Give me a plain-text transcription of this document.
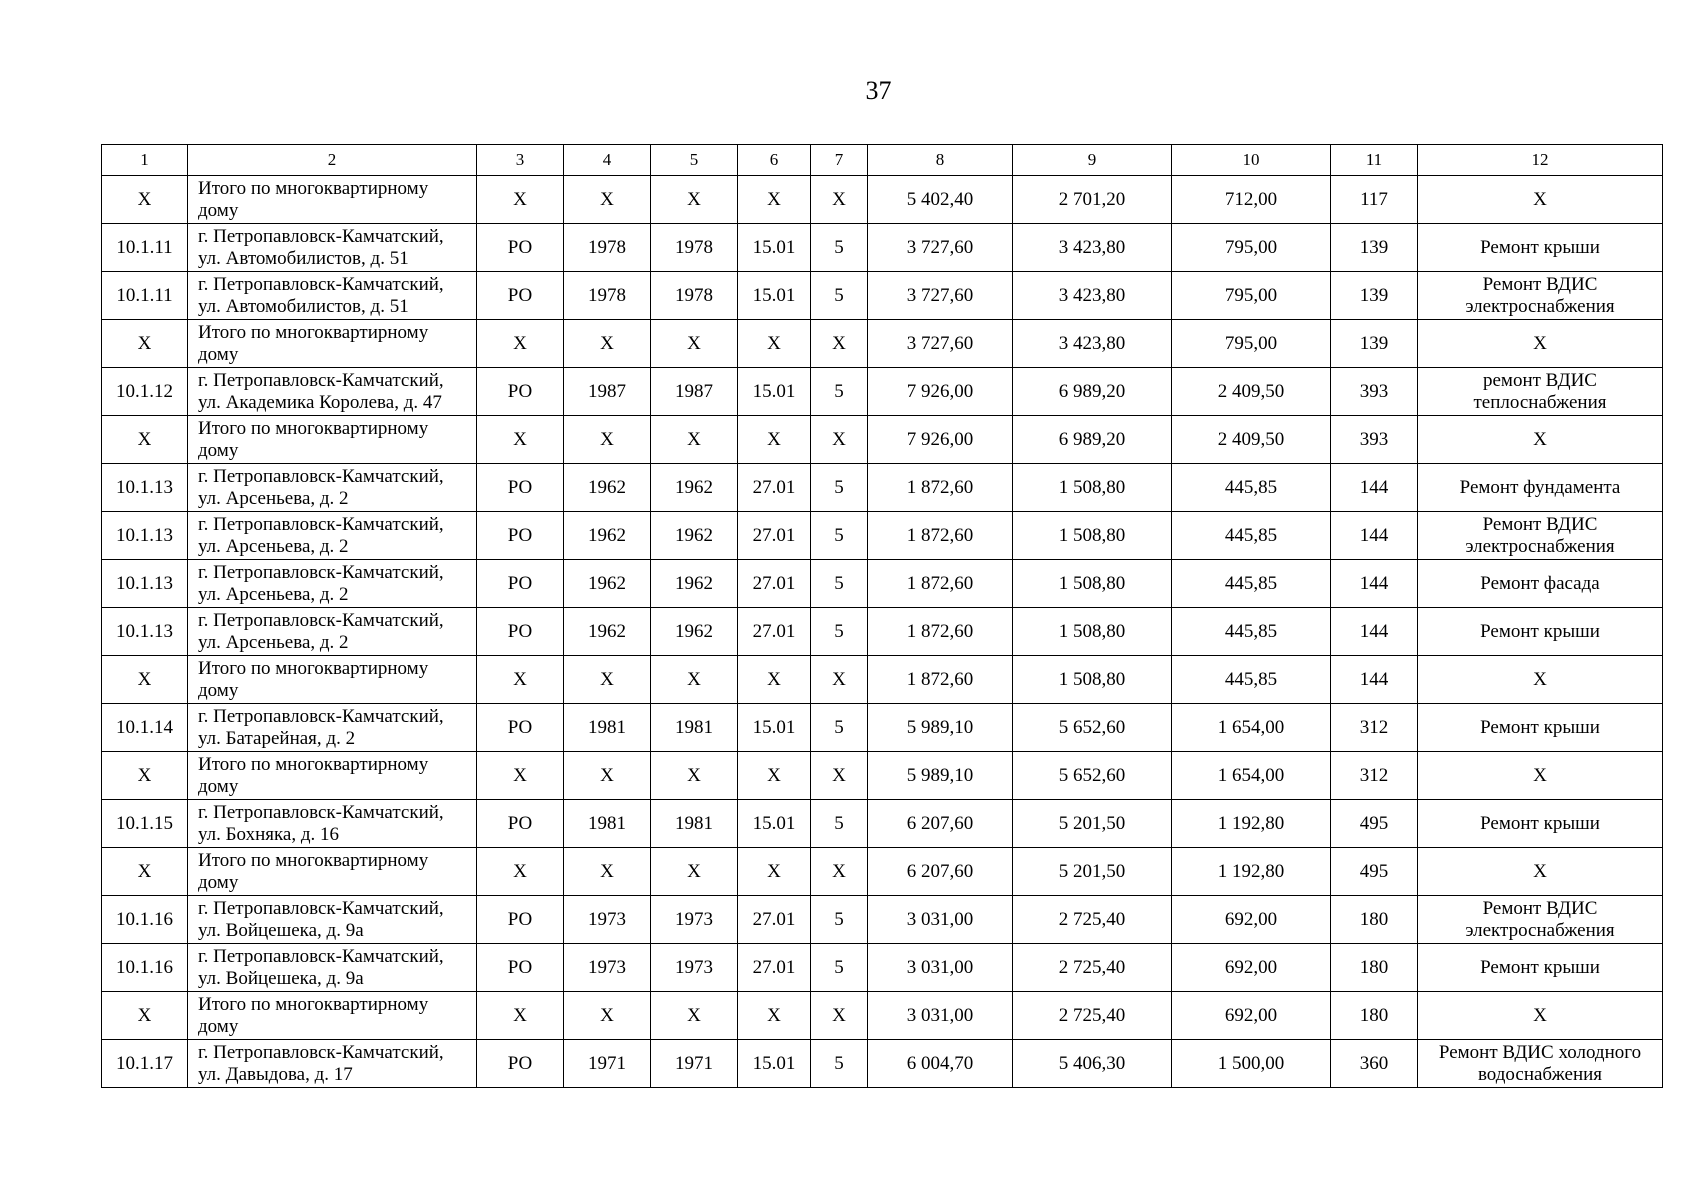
37
1	2	3	4	5	6	7	8	9	10	11	12
Х	Итого по многоквартирному дому	Х	Х	Х	Х	Х	5 402,40	2 701,20	712,00	117	Х
10.1.11	г. Петропавловск-Камчатский, ул. Автомобилистов, д. 51	РО	1978	1978	15.01	5	3 727,60	3 423,80	795,00	139	Ремонт крыши
10.1.11	г. Петропавловск-Камчатский, ул. Автомобилистов, д. 51	РО	1978	1978	15.01	5	3 727,60	3 423,80	795,00	139	Ремонт ВДИС электроснабжения
Х	Итого по многоквартирному дому	Х	Х	Х	Х	Х	3 727,60	3 423,80	795,00	139	Х
10.1.12	г. Петропавловск-Камчатский, ул. Академика Королева, д. 47	РО	1987	1987	15.01	5	7 926,00	6 989,20	2 409,50	393	ремонт ВДИС теплоснабжения
Х	Итого по многоквартирному дому	Х	Х	Х	Х	Х	7 926,00	6 989,20	2 409,50	393	Х
10.1.13	г. Петропавловск-Камчатский, ул. Арсеньева, д. 2	РО	1962	1962	27.01	5	1 872,60	1 508,80	445,85	144	Ремонт фундамента
10.1.13	г. Петропавловск-Камчатский, ул. Арсеньева, д. 2	РО	1962	1962	27.01	5	1 872,60	1 508,80	445,85	144	Ремонт ВДИС электроснабжения
10.1.13	г. Петропавловск-Камчатский, ул. Арсеньева, д. 2	РО	1962	1962	27.01	5	1 872,60	1 508,80	445,85	144	Ремонт фасада
10.1.13	г. Петропавловск-Камчатский, ул. Арсеньева, д. 2	РО	1962	1962	27.01	5	1 872,60	1 508,80	445,85	144	Ремонт крыши
Х	Итого по многоквартирному дому	Х	Х	Х	Х	Х	1 872,60	1 508,80	445,85	144	Х
10.1.14	г. Петропавловск-Камчатский, ул. Батарейная, д. 2	РО	1981	1981	15.01	5	5 989,10	5 652,60	1 654,00	312	Ремонт крыши
Х	Итого по многоквартирному дому	Х	Х	Х	Х	Х	5 989,10	5 652,60	1 654,00	312	Х
10.1.15	г. Петропавловск-Камчатский, ул. Бохняка, д. 16	РО	1981	1981	15.01	5	6 207,60	5 201,50	1 192,80	495	Ремонт крыши
Х	Итого по многоквартирному дому	Х	Х	Х	Х	Х	6 207,60	5 201,50	1 192,80	495	Х
10.1.16	г. Петропавловск-Камчатский, ул. Войцешека, д. 9а	РО	1973	1973	27.01	5	3 031,00	2 725,40	692,00	180	Ремонт ВДИС электроснабжения
10.1.16	г. Петропавловск-Камчатский, ул. Войцешека, д. 9а	РО	1973	1973	27.01	5	3 031,00	2 725,40	692,00	180	Ремонт крыши
Х	Итого по многоквартирному дому	Х	Х	Х	Х	Х	3 031,00	2 725,40	692,00	180	Х
10.1.17	г. Петропавловск-Камчатский, ул. Давыдова, д. 17	РО	1971	1971	15.01	5	6 004,70	5 406,30	1 500,00	360	Ремонт ВДИС холодного водоснабжения
